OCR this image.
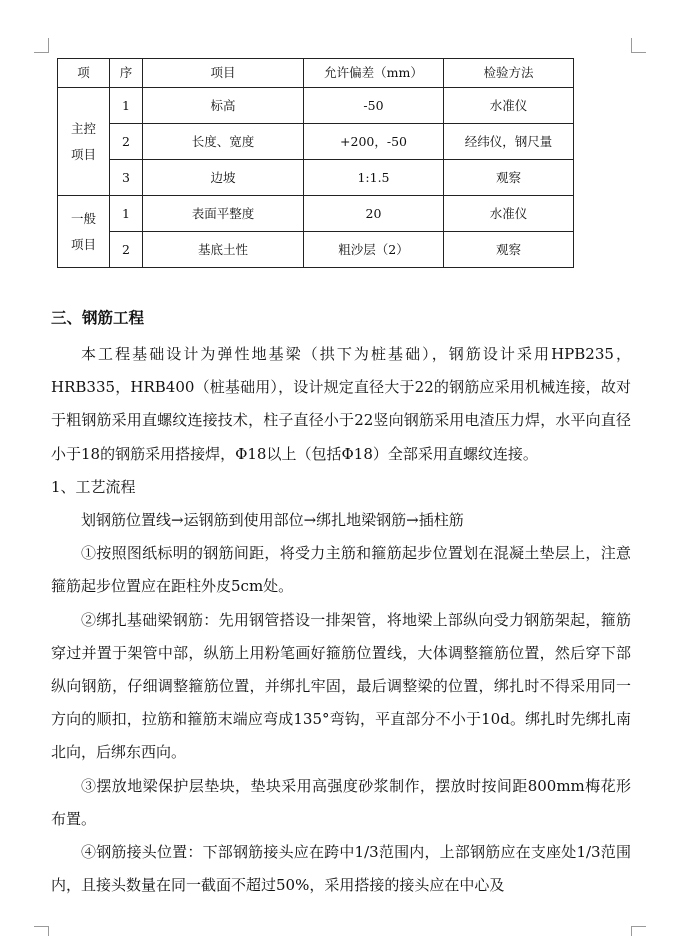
项	序	项目	允许偏差（mm）	检验方法
主控项目	1	标高	-50	水准仪
	2	长度、宽度	+200，-50	经纬仪，钢尺量
	3	边坡	1:1.5	观察
一般项目	1	表面平整度	20	水准仪
	2	基底土性	粗沙层（2）	观察

三、钢筋工程

本工程基础设计为弹性地基梁（拱下为桩基础），钢筋设计采用HPB235，HRB335，HRB400（桩基础用），设计规定直径大于22的钢筋应采用机械连接，故对于粗钢筋采用直螺纹连接技术，柱子直径小于22竖向钢筋采用电渣压力焊，水平向直径小于18的钢筋采用搭接焊，Φ18以上（包括Φ18）全部采用直螺纹连接。

1、工艺流程

划钢筋位置线→运钢筋到使用部位→绑扎地梁钢筋→插柱筋

①按照图纸标明的钢筋间距，将受力主筋和箍筋起步位置划在混凝土垫层上，注意箍筋起步位置应在距柱外皮5cm处。

②绑扎基础梁钢筋：先用钢管搭设一排架管，将地梁上部纵向受力钢筋架起，箍筋穿过并置于架管中部，纵筋上用粉笔画好箍筋位置线，大体调整箍筋位置，然后穿下部纵向钢筋，仔细调整箍筋位置，并绑扎牢固，最后调整梁的位置，绑扎时不得采用同一方向的顺扣，拉筋和箍筋末端应弯成135°弯钩，平直部分不小于10d。绑扎时先绑扎南北向，后绑东西向。

③摆放地梁保护层垫块，垫块采用高强度砂浆制作，摆放时按间距800mm梅花形布置。

④钢筋接头位置：下部钢筋接头应在跨中1/3范围内，上部钢筋应在支座处1/3范围内，且接头数量在同一截面不超过50%，采用搭接的接头应在中心及
